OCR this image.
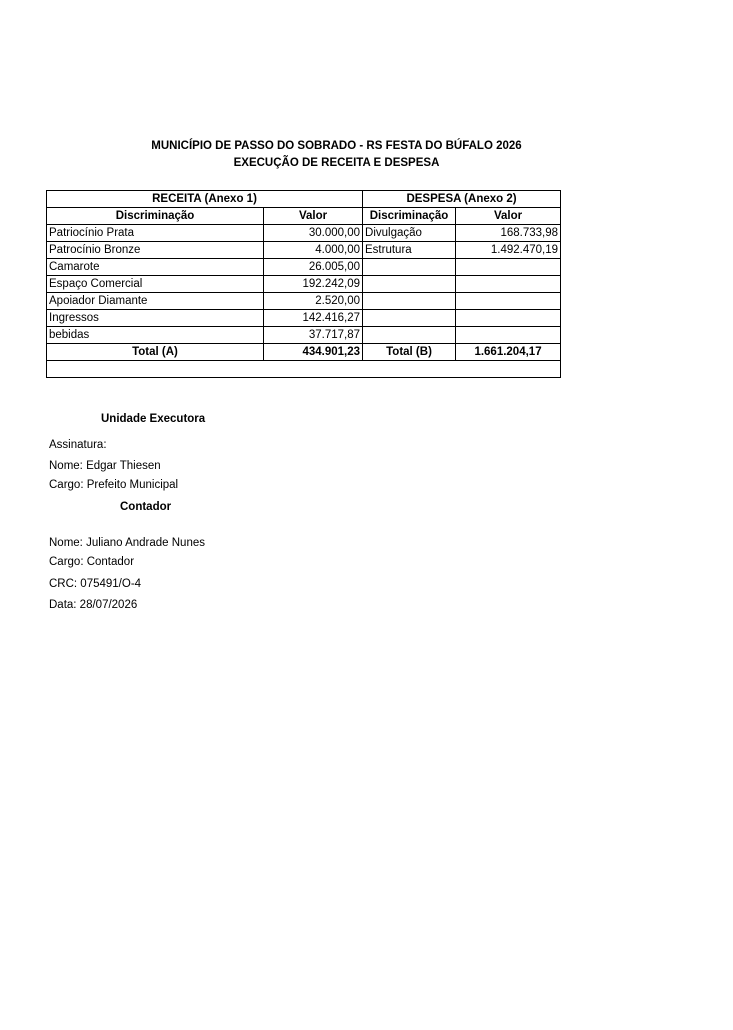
MUNICÍPIO DE PASSO DO SOBRADO - RS FESTA DO BÚFALO 2026
EXECUÇÃO DE RECEITA E DESPESA
RECEITA (Anexo 1)		DESPESA (Anexo 2)	
Discriminação	Valor	Discriminação	Valor
Patriocínio Prata	30.000,00	Divulgação	168.733,98
Patrocínio Bronze	4.000,00	Estrutura	1.492.470,19
Camarote	26.005,00		
Espaço Comercial	192.242,09		
Apoiador Diamante	2.520,00		
Ingressos	142.416,27		
bebidas	37.717,87		
Total (A)	434.901,23	Total (B)	1.661.204,17

Unidade Executora
Assinatura:
Nome: Edgar Thiesen
Cargo: Prefeito Municipal
Contador
Nome: Juliano Andrade Nunes
Cargo: Contador
CRC: 075491/O-4
Data: 28/07/2026
